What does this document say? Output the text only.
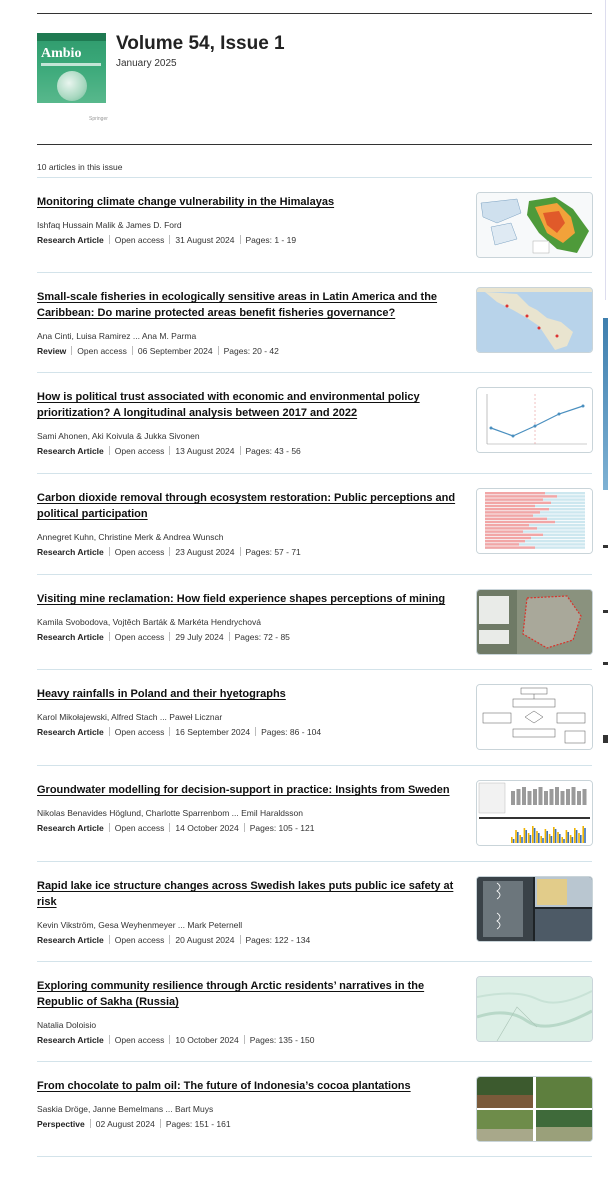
Ambio
Springer
Volume 54, Issue 1
January 2025
10 articles in this issue
Monitoring climate change vulnerability in the Himalayas
Ishfaq Hussain Malik & James D. Ford
Research Article Open access 31 August 2024 Pages: 1 - 19
Small-scale fisheries in ecologically sensitive areas in Latin America and the Caribbean: Do marine protected areas benefit fisheries governance?
Ana Cinti, Luisa Ramirez ... Ana M. Parma
Review Open access 06 September 2024 Pages: 20 - 42
How is political trust associated with economic and environmental policy prioritization? A longitudinal analysis between 2017 and 2022
Sami Ahonen, Aki Koivula & Jukka Sivonen
Research Article Open access 13 August 2024 Pages: 43 - 56
Carbon dioxide removal through ecosystem restoration: Public perceptions and political participation
Annegret Kuhn, Christine Merk & Andrea Wunsch
Research Article Open access 23 August 2024 Pages: 57 - 71
Visiting mine reclamation: How field experience shapes perceptions of mining
Kamila Svobodova, Vojtěch Barták & Markéta Hendrychová
Research Article Open access 29 July 2024 Pages: 72 - 85
Heavy rainfalls in Poland and their hyetographs
Karol Mikołajewski, Alfred Stach ... Paweł Licznar
Research Article Open access 16 September 2024 Pages: 86 - 104
Groundwater modelling for decision-support in practice: Insights from Sweden
Nikolas Benavides Höglund, Charlotte Sparrenbom ... Emil Haraldsson
Research Article Open access 14 October 2024 Pages: 105 - 121
Rapid lake ice structure changes across Swedish lakes puts public ice safety at risk
Kevin Vikström, Gesa Weyhenmeyer ... Mark Peternell
Research Article Open access 20 August 2024 Pages: 122 - 134
Exploring community resilience through Arctic residents’ narratives in the Republic of Sakha (Russia)
Natalia Doloisio
Research Article Open access 10 October 2024 Pages: 135 - 150
From chocolate to palm oil: The future of Indonesia’s cocoa plantations
Saskia Dröge, Janne Bemelmans ... Bart Muys
Perspective 02 August 2024 Pages: 151 - 161
